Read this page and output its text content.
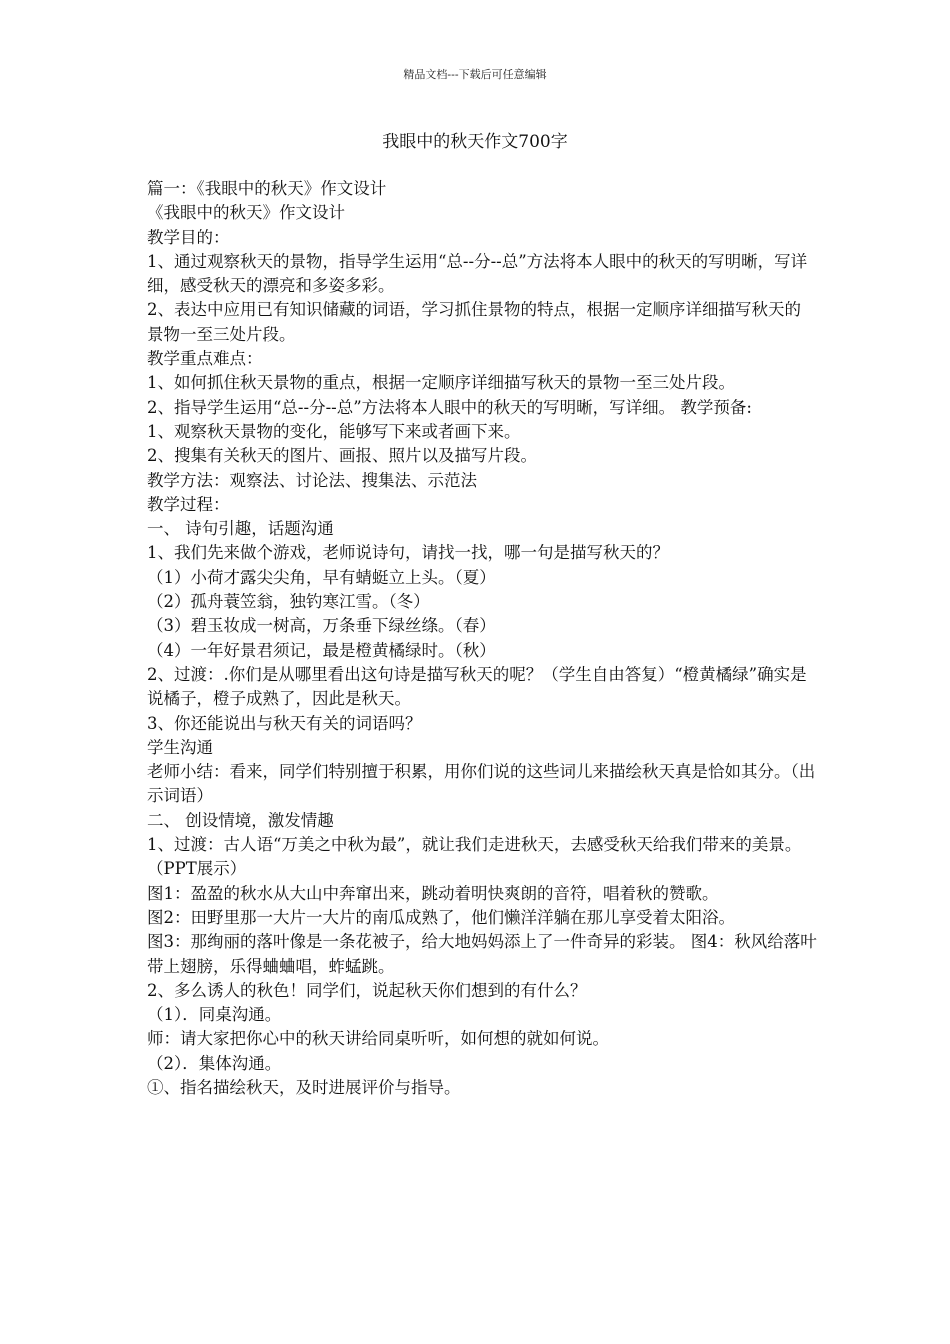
精品文档---下载后可任意编辑
我眼中的秋天作文700字

篇一：《我眼中的秋天》作文设计

《我眼中的秋天》作文设计

教学目的：

1、通过观察秋天的景物，指导学生运用“总--分--总”方法将本人眼中的秋天的写明晰，写详细，感受秋天的漂亮和多姿多彩。

2、表达中应用已有知识储藏的词语，学习抓住景物的特点，根据一定顺序详细描写秋天的景物一至三处片段。

教学重点难点：

1、如何抓住秋天景物的重点，根据一定顺序详细描写秋天的景物一至三处片段。

2、指导学生运用“总--分--总”方法将本人眼中的秋天的写明晰，写详细。 教学预备:

1、观察秋天景物的变化，能够写下来或者画下来。

2、搜集有关秋天的图片、画报、照片以及描写片段。

教学方法：观察法、讨论法、搜集法、示范法

教学过程：

一、 诗句引趣，话题沟通

1、我们先来做个游戏，老师说诗句，请找一找，哪一句是描写秋天的？

（1）小荷才露尖尖角，早有蜻蜓立上头。（夏）

（2）孤舟蓑笠翁，独钓寒江雪。（冬）

（3）碧玉妆成一树高，万条垂下绿丝绦。（春）

（4）一年好景君须记，最是橙黄橘绿时。（秋）

2、过渡：.你们是从哪里看出这句诗是描写秋天的呢？（学生自由答复）“橙黄橘绿”确实是说橘子，橙子成熟了，因此是秋天。

3、你还能说出与秋天有关的词语吗？

学生沟通

老师小结：看来，同学们特别擅于积累，用你们说的这些词儿来描绘秋天真是恰如其分。（出示词语）

二、 创设情境，激发情趣

1、过渡：古人语“万美之中秋为最”，就让我们走进秋天，去感受秋天给我们带来的美景。（PPT展示）

图1：盈盈的秋水从大山中奔窜出来，跳动着明快爽朗的音符，唱着秋的赞歌。

图2：田野里那一大片一大片的南瓜成熟了，他们懒洋洋躺在那儿享受着太阳浴。

图3：那绚丽的落叶像是一条花被子，给大地妈妈添上了一件奇异的彩装。 图4：秋风给落叶带上翅膀，乐得蛐蛐唱，蚱蜢跳。

2、多么诱人的秋色！同学们，说起秋天你们想到的有什么？

（1）．同桌沟通。

师：请大家把你心中的秋天讲给同桌听听，如何想的就如何说。

（2）．集体沟通。

①、指名描绘秋天，及时进展评价与指导。
